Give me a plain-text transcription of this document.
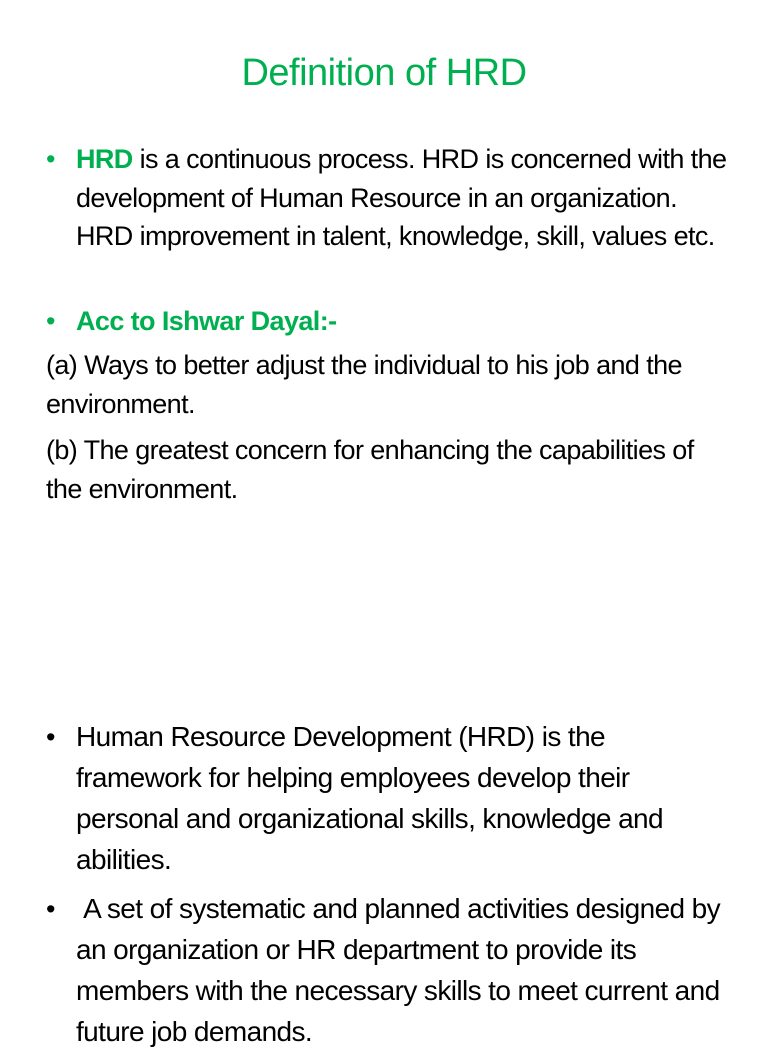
Definition of HRD
•
HRD is a continuous process. HRD is concerned with the development of Human Resource in an organization. HRD improvement in talent, knowledge, skill, values etc.
•
Acc to Ishwar Dayal:-
(a) Ways to better adjust the individual to his job and the environment.
(b) The greatest concern for enhancing the capabilities of the environment.
•
Human Resource Development (HRD) is the framework for helping employees develop their personal and organizational skills, knowledge and abilities.
•
A set of systematic and planned activities designed by an organization or HR department to provide its members with the necessary skills to meet current and future job demands.
